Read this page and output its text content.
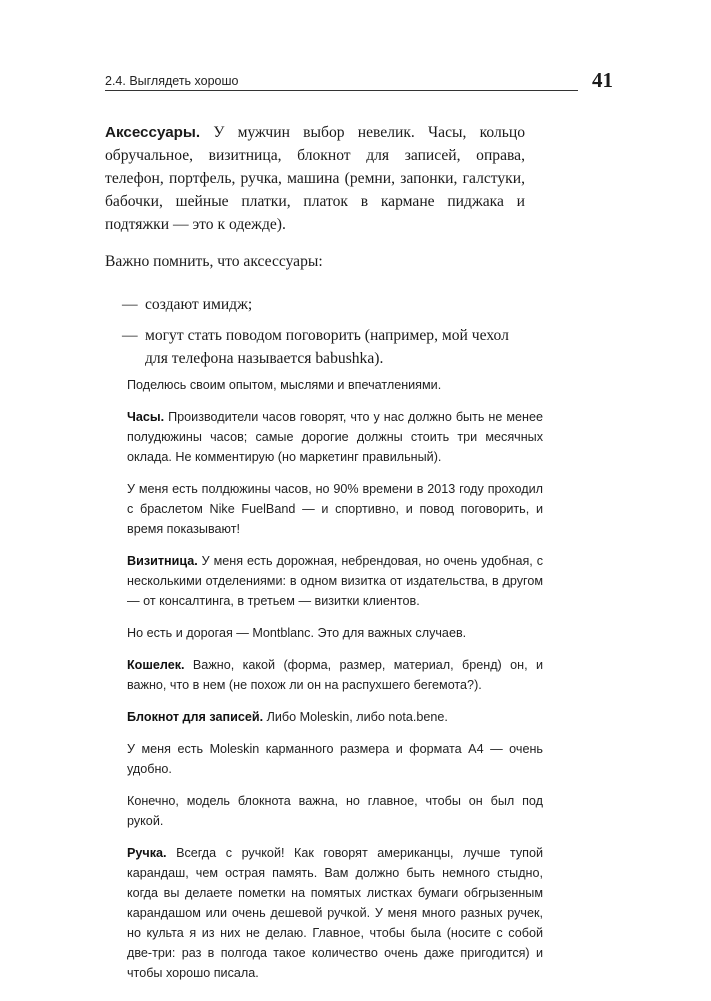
2.4. Выглядеть хорошо	41

Аксессуары. У мужчин выбор невелик. Часы, кольцо обручальное, визитница, блокнот для записей, оправа, телефон, портфель, ручка, машина (ремни, запонки, галстуки, бабочки, шейные платки, платок в кармане пиджака и подтяжки — это к одежде).

Важно помнить, что аксессуары:

— создают имидж;
— могут стать поводом поговорить (например, мой чехол для телефона называется babushka).

Поделюсь своим опытом, мыслями и впечатлениями.

Часы. Производители часов говорят, что у нас должно быть не менее полудюжины часов; самые дорогие должны стоить три месячных оклада. Не комментирую (но маркетинг правильный).

У меня есть полдюжины часов, но 90% времени в 2013 году проходил с браслетом Nike FuelBand — и спортивно, и повод поговорить, и время показывают!

Визитница. У меня есть дорожная, небрендовая, но очень удобная, с несколькими отделениями: в одном визитка от издательства, в другом — от консалтинга, в третьем — визитки клиентов.

Но есть и дорогая — Montblanc. Это для важных случаев.

Кошелек. Важно, какой (форма, размер, материал, бренд) он, и важно, что в нем (не похож ли он на распухшего бегемота?).

Блокнот для записей. Либо Moleskin, либо nota.bene.

У меня есть Moleskin карманного размера и формата А4 — очень удобно.

Конечно, модель блокнота важна, но главное, чтобы он был под рукой.

Ручка. Всегда с ручкой! Как говорят американцы, лучше тупой карандаш, чем острая память. Вам должно быть немного стыдно, когда вы делаете пометки на помятых листках бумаги обгрызенным карандашом или очень дешевой ручкой. У меня много разных ручек, но культа я из них не делаю. Главное, чтобы была (носите с собой две-три: раз в полгода такое количество очень даже пригодится) и чтобы хорошо писала.
